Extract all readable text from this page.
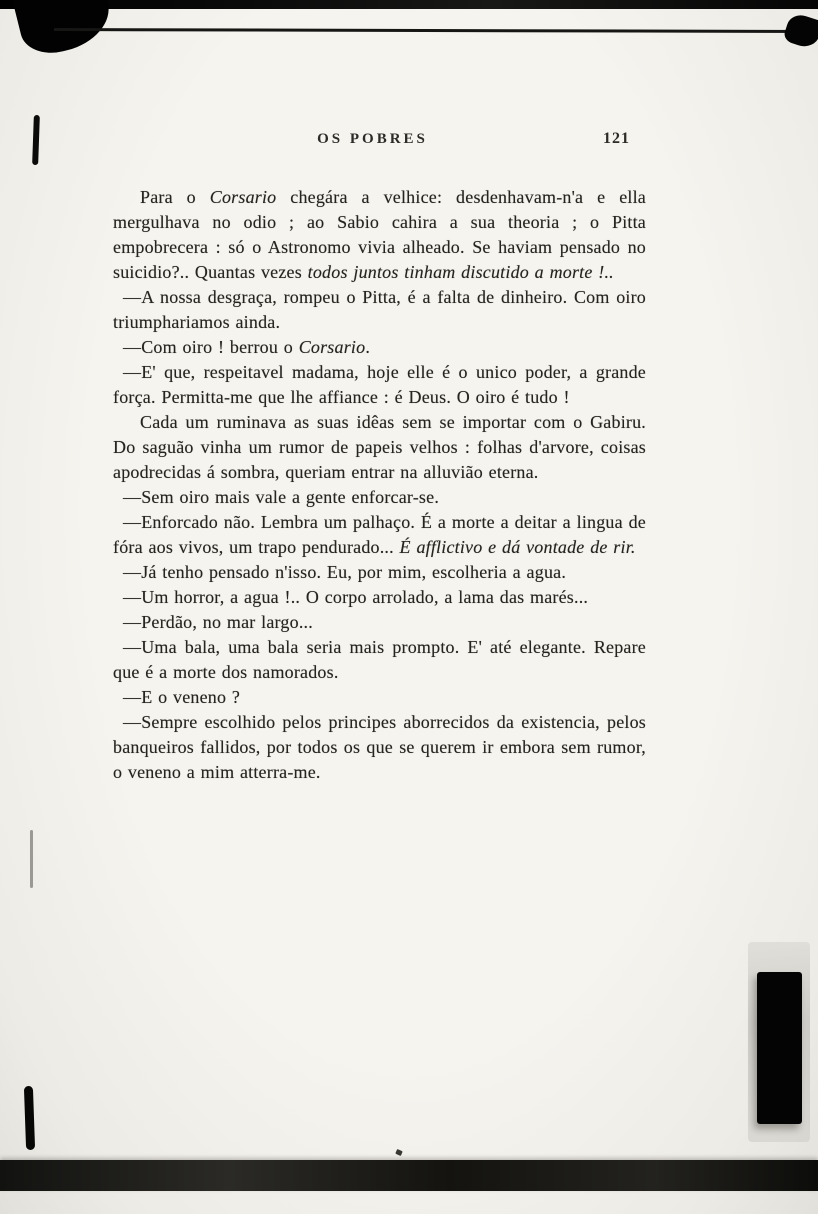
OS POBRES	121

Para o Corsario chegára a velhice: desdenhavam-n'a e ella mergulhava no odio ; ao Sabio cahira a sua theoria ; o Pitta empobrecera : só o Astronomo vivia alheado. Se haviam pensado no suicidio?.. Quantas vezes todos juntos tinham discutido a morte !..

—A nossa desgraça, rompeu o Pitta, é a falta de dinheiro. Com oiro triumphariamos ainda.

—Com oiro ! berrou o Corsario.

—E' que, respeitavel madama, hoje elle é o unico poder, a grande força. Permitta-me que lhe affiance : é Deus. O oiro é tudo !

Cada um ruminava as suas idêas sem se importar com o Gabiru. Do saguão vinha um rumor de papeis velhos : folhas d'arvore, coisas apodrecidas á sombra, queriam entrar na alluvião eterna.

—Sem oiro mais vale a gente enforcar-se.

—Enforcado não. Lembra um palhaço. É a morte a deitar a lingua de fóra aos vivos, um trapo pendurado... É afflictivo e dá vontade de rir.

—Já tenho pensado n'isso. Eu, por mim, escolheria a agua.

—Um horror, a agua !.. O corpo arrolado, a lama das marés...

—Perdão, no mar largo...

—Uma bala, uma bala seria mais prompto. E' até elegante. Repare que é a morte dos namorados.

—E o veneno ?

—Sempre escolhido pelos principes aborrecidos da existencia, pelos banqueiros fallidos, por todos os que se querem ir embora sem rumor, o veneno a mim atterra-me.
